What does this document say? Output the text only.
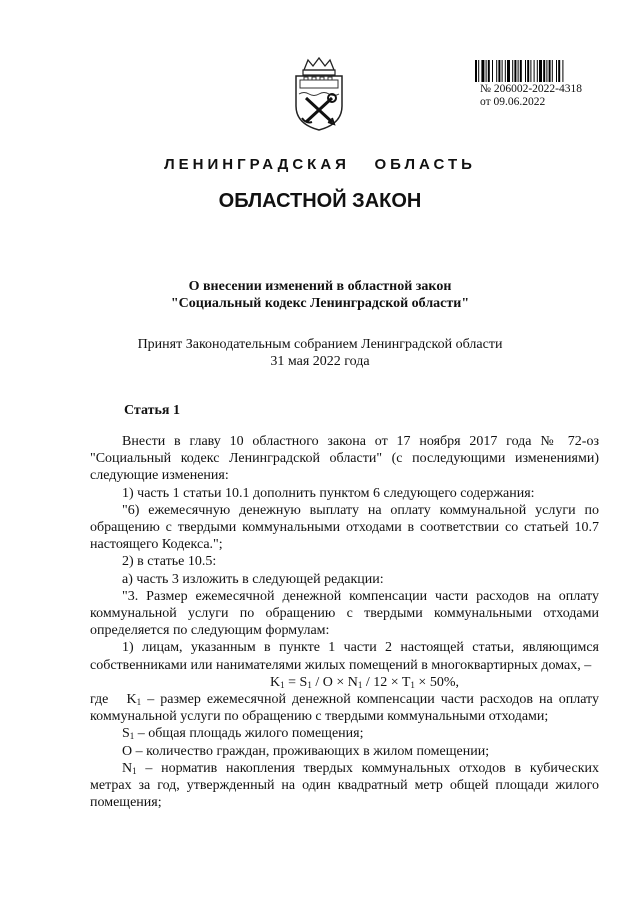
№ 206002-2022-4318
от 09.06.2022
ЛЕНИНГРАДСКАЯ   ОБЛАСТЬ
ОБЛАСТНОЙ ЗАКОН
О внесении изменений в областной закон
"Социальный кодекс Ленинградской области"
Принят Законодательным собранием Ленинградской области
31 мая 2022 года
Статья 1

Внести в главу 10 областного закона от 17 ноября 2017 года № 72-оз "Социальный кодекс Ленинградской области" (с последующими изменениями) следующие изменения:

1) часть 1 статьи 10.1 дополнить пунктом 6 следующего содержания:

"6) ежемесячную денежную выплату на оплату коммунальной услуги по обращению с твердыми коммунальными отходами в соответствии со статьей 10.7 настоящего Кодекса.";

2) в статье 10.5:

а) часть 3 изложить в следующей редакции:

"3. Размер ежемесячной денежной компенсации части расходов на оплату коммунальной услуги по обращению с твердыми коммунальными отходами определяется по следующим формулам:

1) лицам, указанным в пункте 1 части 2 настоящей статьи, являющимся собственниками или нанимателями жилых помещений в многоквартирных домах, –

$K_1 = S_1 / O \times N_1 / 12 \times T_1 \times 50\%$,

где   $K_1$ – размер ежемесячной денежной компенсации части расходов на оплату коммунальной услуги по обращению с твердыми коммунальными отходами;

$S_1$ – общая площадь жилого помещения;

O – количество граждан, проживающих в жилом помещении;

$N_1$ – норматив накопления твердых коммунальных отходов в кубических метрах за год, утвержденный на один квадратный метр общей площади жилого помещения;
